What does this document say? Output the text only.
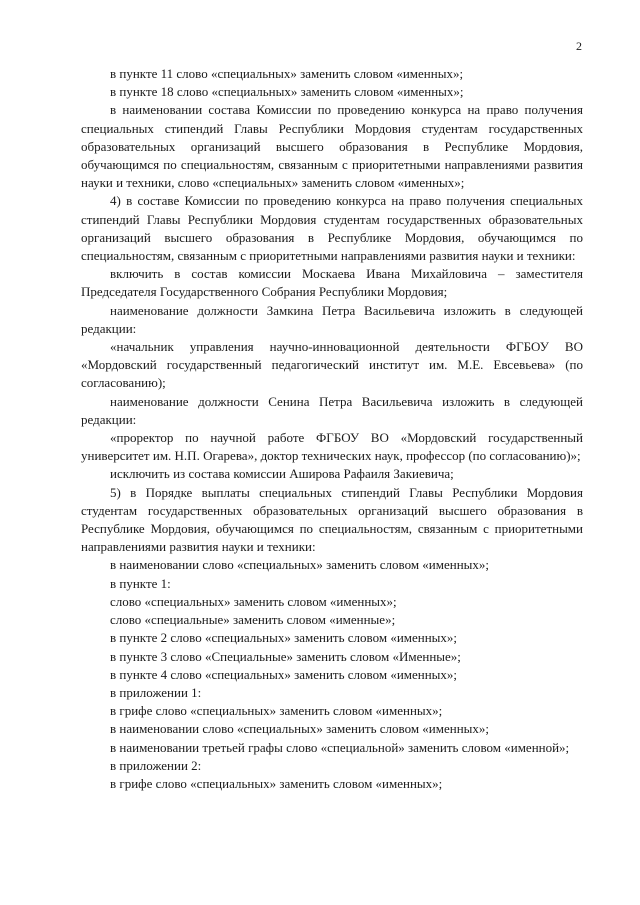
2

в пункте 11 слово «специальных» заменить словом «именных»;

в пункте 18 слово «специальных» заменить словом «именных»;

в наименовании состава Комиссии по проведению конкурса на право получения специальных стипендий Главы Республики Мордовия студентам государственных образовательных организаций высшего образования в Республике Мордовия, обучающимся по специальностям, связанным с приоритетными направлениями развития науки и техники, слово «специальных» заменить словом «именных»;

4) в составе Комиссии по проведению конкурса на право получения специальных стипендий Главы Республики Мордовия студентам государственных образовательных организаций высшего образования в Республике Мордовия, обучающимся по специальностям, связанным с приоритетными направлениями развития науки и техники:

включить в состав комиссии Москаева Ивана Михайловича – заместителя Председателя Государственного Собрания Республики Мордовия;

наименование должности Замкина Петра Васильевича изложить в следующей редакции:

«начальник управления научно-инновационной деятельности ФГБОУ ВО «Мордовский государственный педагогический институт им. М.Е. Евсевьева» (по согласованию);

наименование должности Сенина Петра Васильевича изложить в следующей редакции:

«проректор по научной работе ФГБОУ ВО «Мордовский государственный университет им. Н.П. Огарева», доктор технических наук, профессор (по согласованию)»;

исключить из состава комиссии Аширова Рафаиля Закиевича;

5) в Порядке выплаты специальных стипендий Главы Республики Мордовия студентам государственных образовательных организаций высшего образования в Республике Мордовия, обучающимся по специальностям, связанным с приоритетными направлениями развития науки и техники:

в наименовании слово «специальных» заменить словом «именных»;

в пункте 1:

слово «специальных» заменить словом «именных»;

слово «специальные» заменить словом «именные»;

в пункте 2 слово «специальных» заменить словом «именных»;

в пункте 3 слово «Специальные» заменить словом «Именные»;

в пункте 4 слово «специальных» заменить словом «именных»;

в приложении 1:

в грифе слово «специальных» заменить словом «именных»;

в наименовании слово «специальных» заменить словом «именных»;

в наименовании третьей графы слово «специальной» заменить словом «именной»;

в приложении 2:

в грифе слово «специальных» заменить словом «именных»;
